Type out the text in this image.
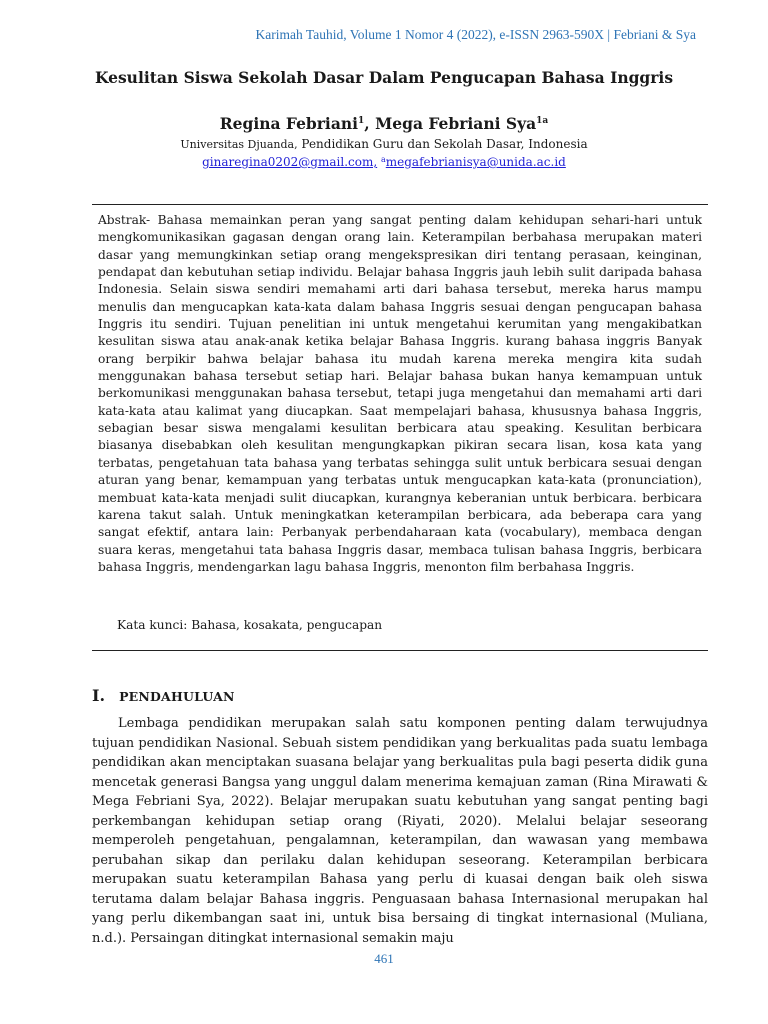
Karimah Tauhid, Volume 1 Nomor 4 (2022), e-ISSN 2963-590X | Febriani & Sya
Kesulitan Siswa Sekolah Dasar Dalam Pengucapan Bahasa Inggris
Regina Febriani$^1$, Mega Febriani Sya$^{1a}$
Universitas Djuanda, Pendidikan Guru dan Sekolah Dasar, Indonesia
ginaregina0202@gmail.com, $^a$megafebrianisya@unida.ac.id
Abstrak- Bahasa memainkan peran yang sangat penting dalam kehidupan sehari-hari untuk mengkomunikasikan gagasan dengan orang lain. Keterampilan berbahasa merupakan materi dasar yang memungkinkan setiap orang mengekspresikan diri tentang perasaan, keinginan, pendapat dan kebutuhan setiap individu. Belajar bahasa Inggris jauh lebih sulit daripada bahasa Indonesia. Selain siswa sendiri memahami arti dari bahasa tersebut, mereka harus mampu menulis dan mengucapkan kata-kata dalam bahasa Inggris sesuai dengan pengucapan bahasa Inggris itu sendiri. Tujuan penelitian ini untuk mengetahui kerumitan yang mengakibatkan kesulitan siswa atau anak-anak ketika belajar Bahasa Inggris. kurang bahasa inggris Banyak orang berpikir bahwa belajar bahasa itu mudah karena mereka mengira kita sudah menggunakan bahasa tersebut setiap hari. Belajar bahasa bukan hanya kemampuan untuk berkomunikasi menggunakan bahasa tersebut, tetapi juga mengetahui dan memahami arti dari kata-kata atau kalimat yang diucapkan. Saat mempelajari bahasa, khususnya bahasa Inggris, sebagian besar siswa mengalami kesulitan berbicara atau speaking. Kesulitan berbicara biasanya disebabkan oleh kesulitan mengungkapkan pikiran secara lisan, kosa kata yang terbatas, pengetahuan tata bahasa yang terbatas sehingga sulit untuk berbicara sesuai dengan aturan yang benar, kemampuan yang terbatas untuk mengucapkan kata-kata (pronunciation), membuat kata-kata menjadi sulit diucapkan, kurangnya keberanian untuk berbicara. berbicara karena takut salah. Untuk meningkatkan keterampilan berbicara, ada beberapa cara yang sangat efektif, antara lain: Perbanyak perbendaharaan kata (vocabulary), membaca dengan suara keras, mengetahui tata bahasa Inggris dasar, membaca tulisan bahasa Inggris, berbicara bahasa Inggris, mendengarkan lagu bahasa Inggris, menonton film berbahasa Inggris.
Kata kunci: Bahasa, kosakata, pengucapan
I. PENDAHULUAN
Lembaga pendidikan merupakan salah satu komponen penting dalam terwujudnya tujuan pendidikan Nasional. Sebuah sistem pendidikan yang berkualitas pada suatu lembaga pendidikan akan menciptakan suasana belajar yang berkualitas pula bagi peserta didik guna mencetak generasi Bangsa yang unggul dalam menerima kemajuan zaman (Rina Mirawati & Mega Febriani Sya, 2022). Belajar merupakan suatu kebutuhan yang sangat penting bagi perkembangan kehidupan setiap orang (Riyati, 2020). Melalui belajar seseorang memperoleh pengetahuan, pengalamnan, keterampilan, dan wawasan yang membawa perubahan sikap dan perilaku dalan kehidupan seseorang. Keterampilan berbicara merupakan suatu keterampilan Bahasa yang perlu di kuasai dengan baik oleh siswa terutama dalam belajar Bahasa inggris. Penguasaan bahasa Internasional merupakan hal yang perlu dikembangan saat ini, untuk bisa bersaing di tingkat internasional (Muliana, n.d.). Persaingan ditingkat internasional semakin maju
461
